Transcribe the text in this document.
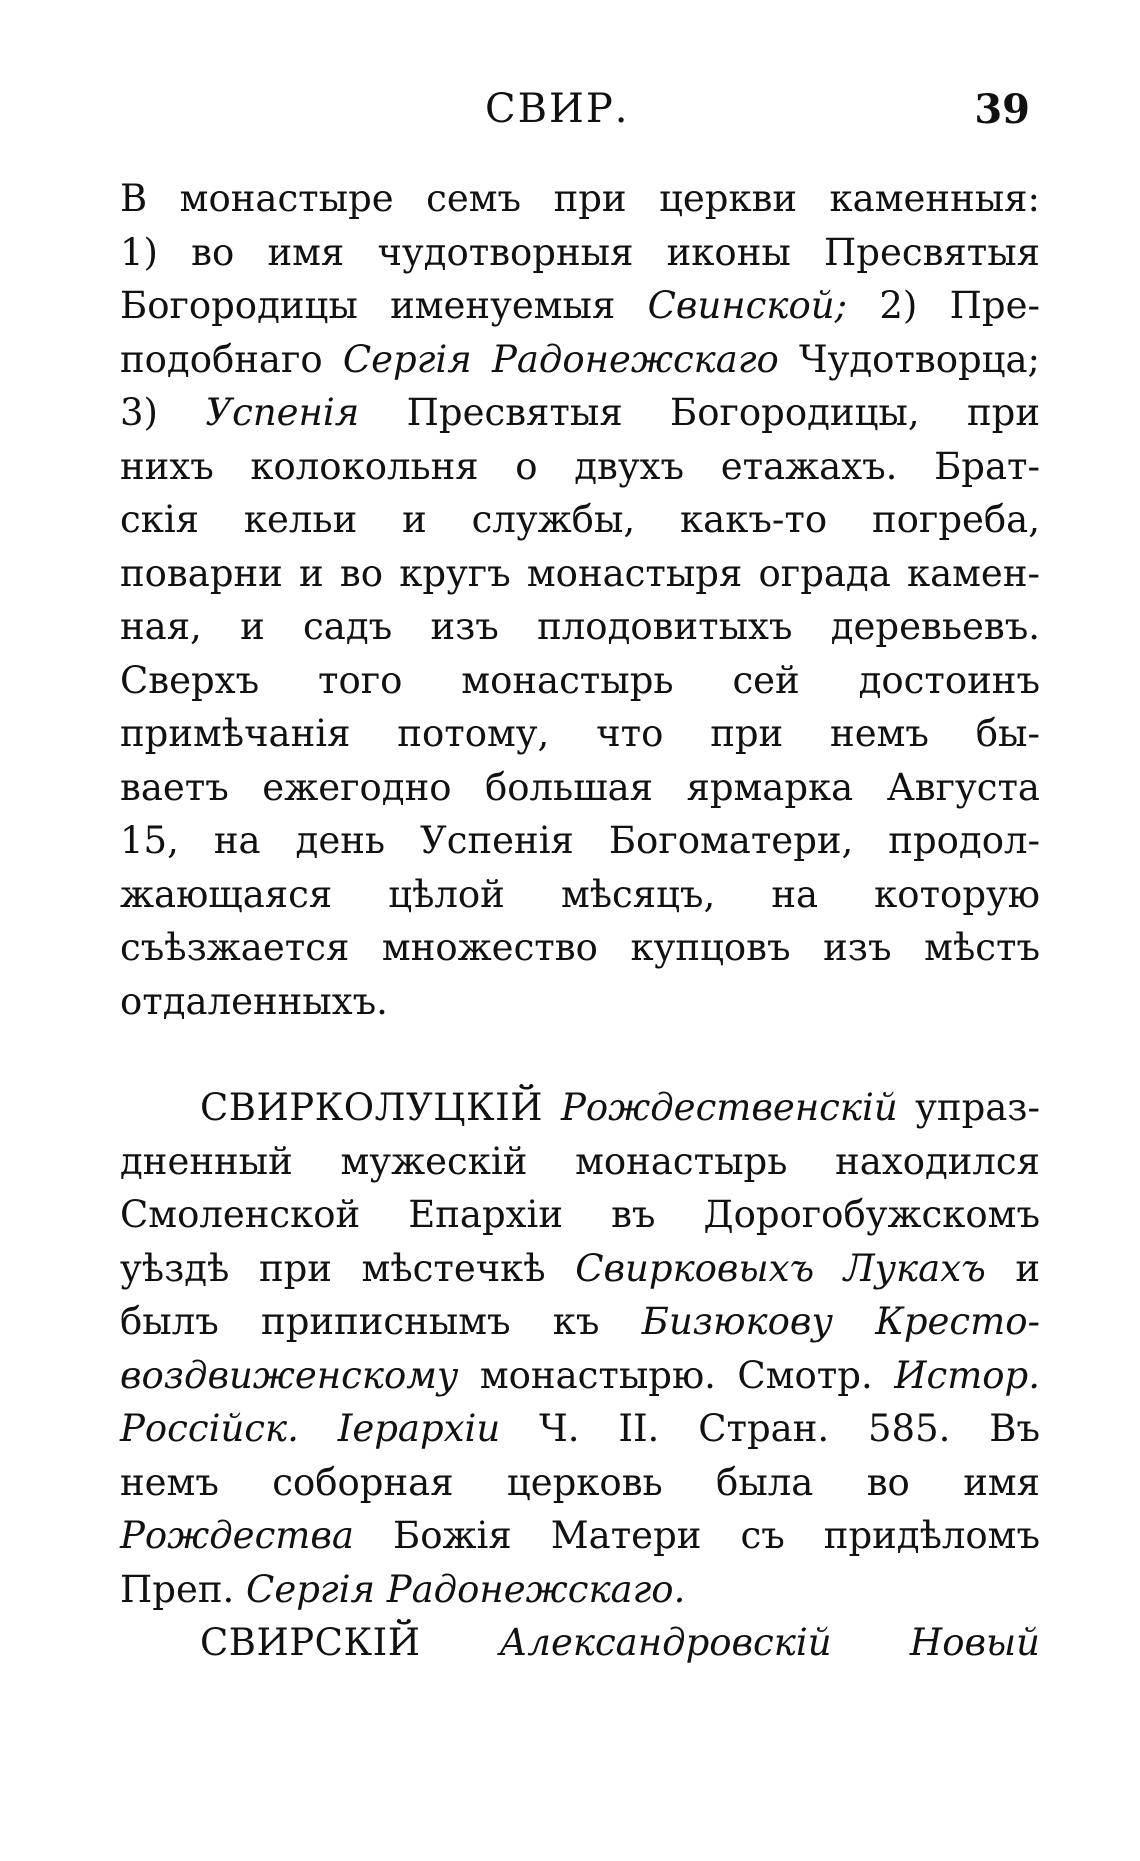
СВИР.	39
В монастыре семъ при церкви каменныя:
1) во имя чудотворныя иконы Пресвятыя
Богородицы именуемыя Свинской; 2) Пре-
подобнаго Сергія Радонежскаго Чудотворца;
3) Успенія Пресвятыя Богородицы, при
нихъ колокольня о двухъ етажахъ. Брат-
скія кельи и службы, какъ-то погреба,
поварни и во кругъ монастыря ограда камен-
ная, и садъ изъ плодовитыхъ деревьевъ.
Сверхъ того монастырь сей достоинъ
примѣчанія потому, что при немъ бы-
ваетъ ежегодно большая ярмарка Августа
15, на день Успенія Богоматери, продол-
жающаяся цѣлой мѣсяцъ, на которую
съѣзжается множество купцовъ изъ мѣстъ
отдаленныхъ.
СВИРКОЛУЦКІЙ Рождественскій упраз-
дненный мужескій монастырь находился
Смоленской Епархіи въ Дорогобужскомъ
уѣздѣ при мѣстечкѣ Свирковыхъ Лукахъ и
былъ приписнымъ къ Бизюкову Кресто-
воздвиженскому монастырю. Смотр. Истор.
Россійск. Іерархіи Ч. II. Стран. 585. Въ
немъ соборная церковь была во имя
Рождества Божія Матери съ придѣломъ
Преп. Сергія Радонежскаго.
СВИРСКІЙ Александровскій Новый
